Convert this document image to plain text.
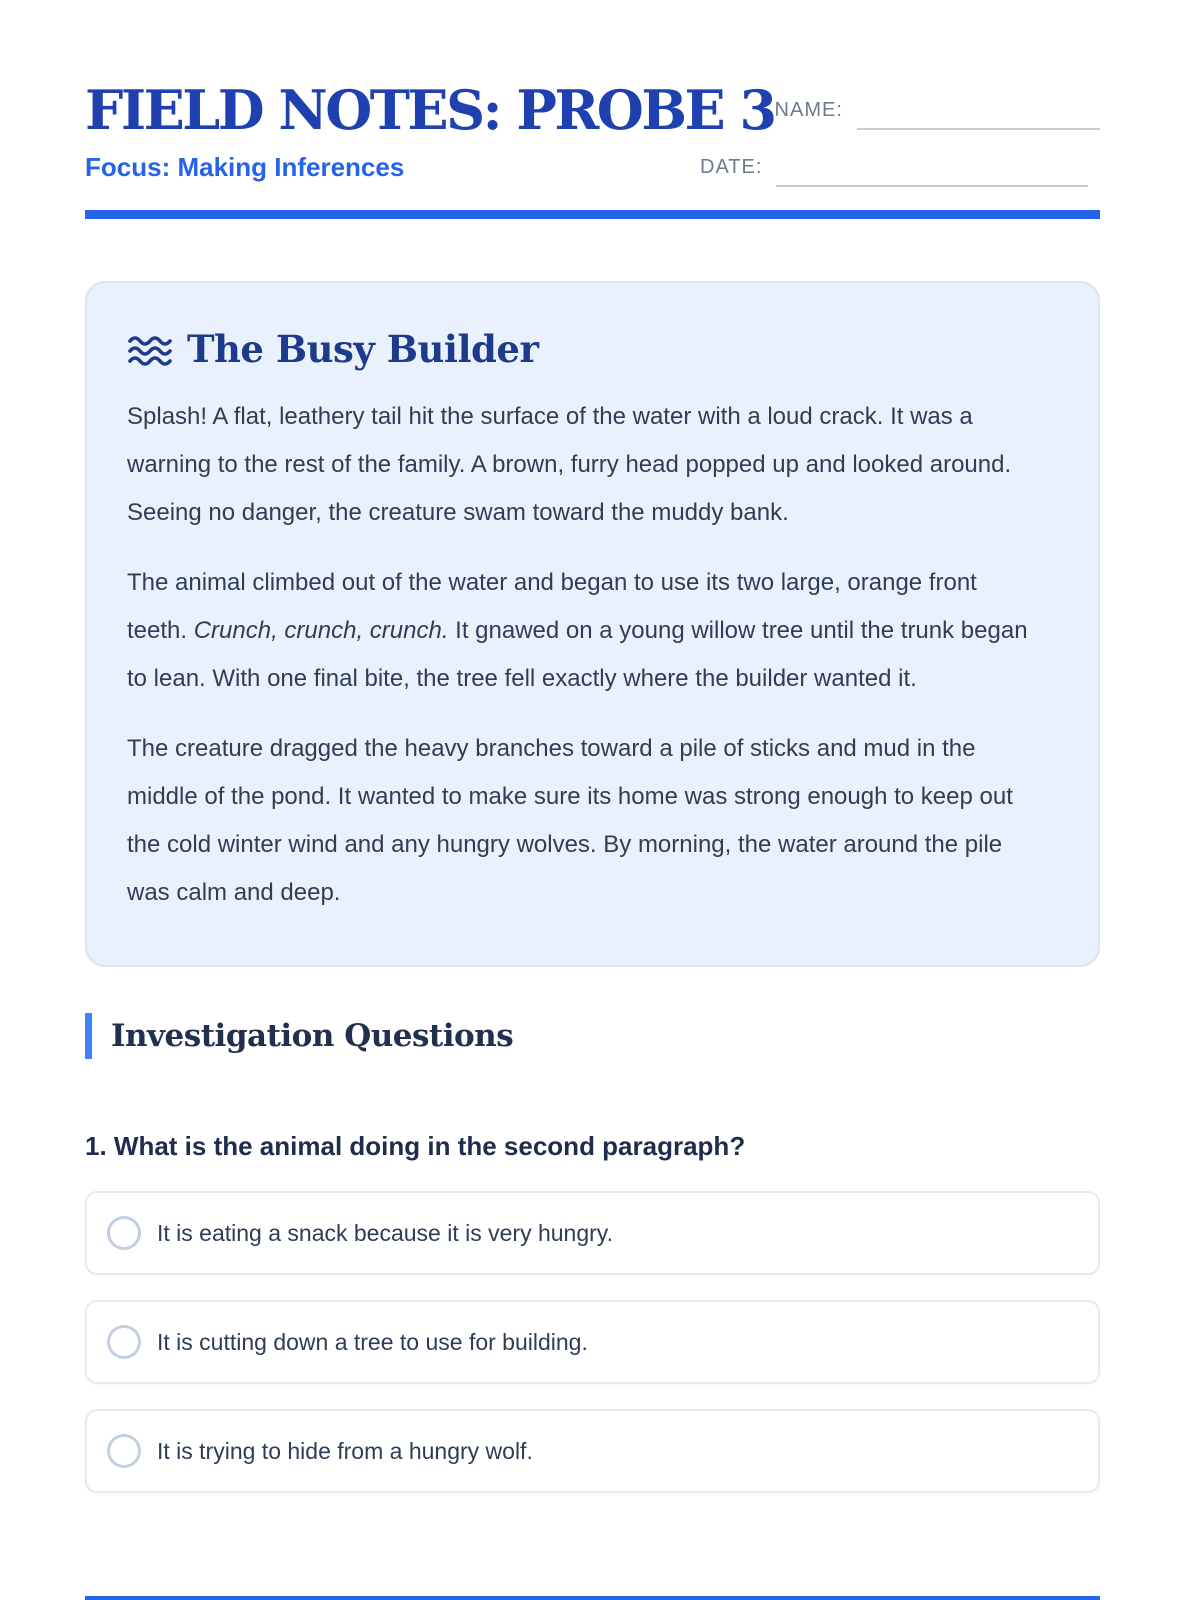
FIELD NOTES: PROBE 3 NAME:
Focus: Making Inferences	DATE:
The Busy Builder

Splash! A flat, leathery tail hit the surface of the water with a loud crack. It was a warning to the rest of the family. A brown, furry head popped up and looked around. Seeing no danger, the creature swam toward the muddy bank.

The animal climbed out of the water and began to use its two large, orange front teeth. Crunch, crunch, crunch. It gnawed on a young willow tree until the trunk began to lean. With one final bite, the tree fell exactly where the builder wanted it.

The creature dragged the heavy branches toward a pile of sticks and mud in the middle of the pond. It wanted to make sure its home was strong enough to keep out the cold winter wind and any hungry wolves. By morning, the water around the pile was calm and deep.

Investigation Questions

1. What is the animal doing in the second paragraph?

It is eating a snack because it is very hungry.
It is cutting down a tree to use for building.
It is trying to hide from a hungry wolf.
